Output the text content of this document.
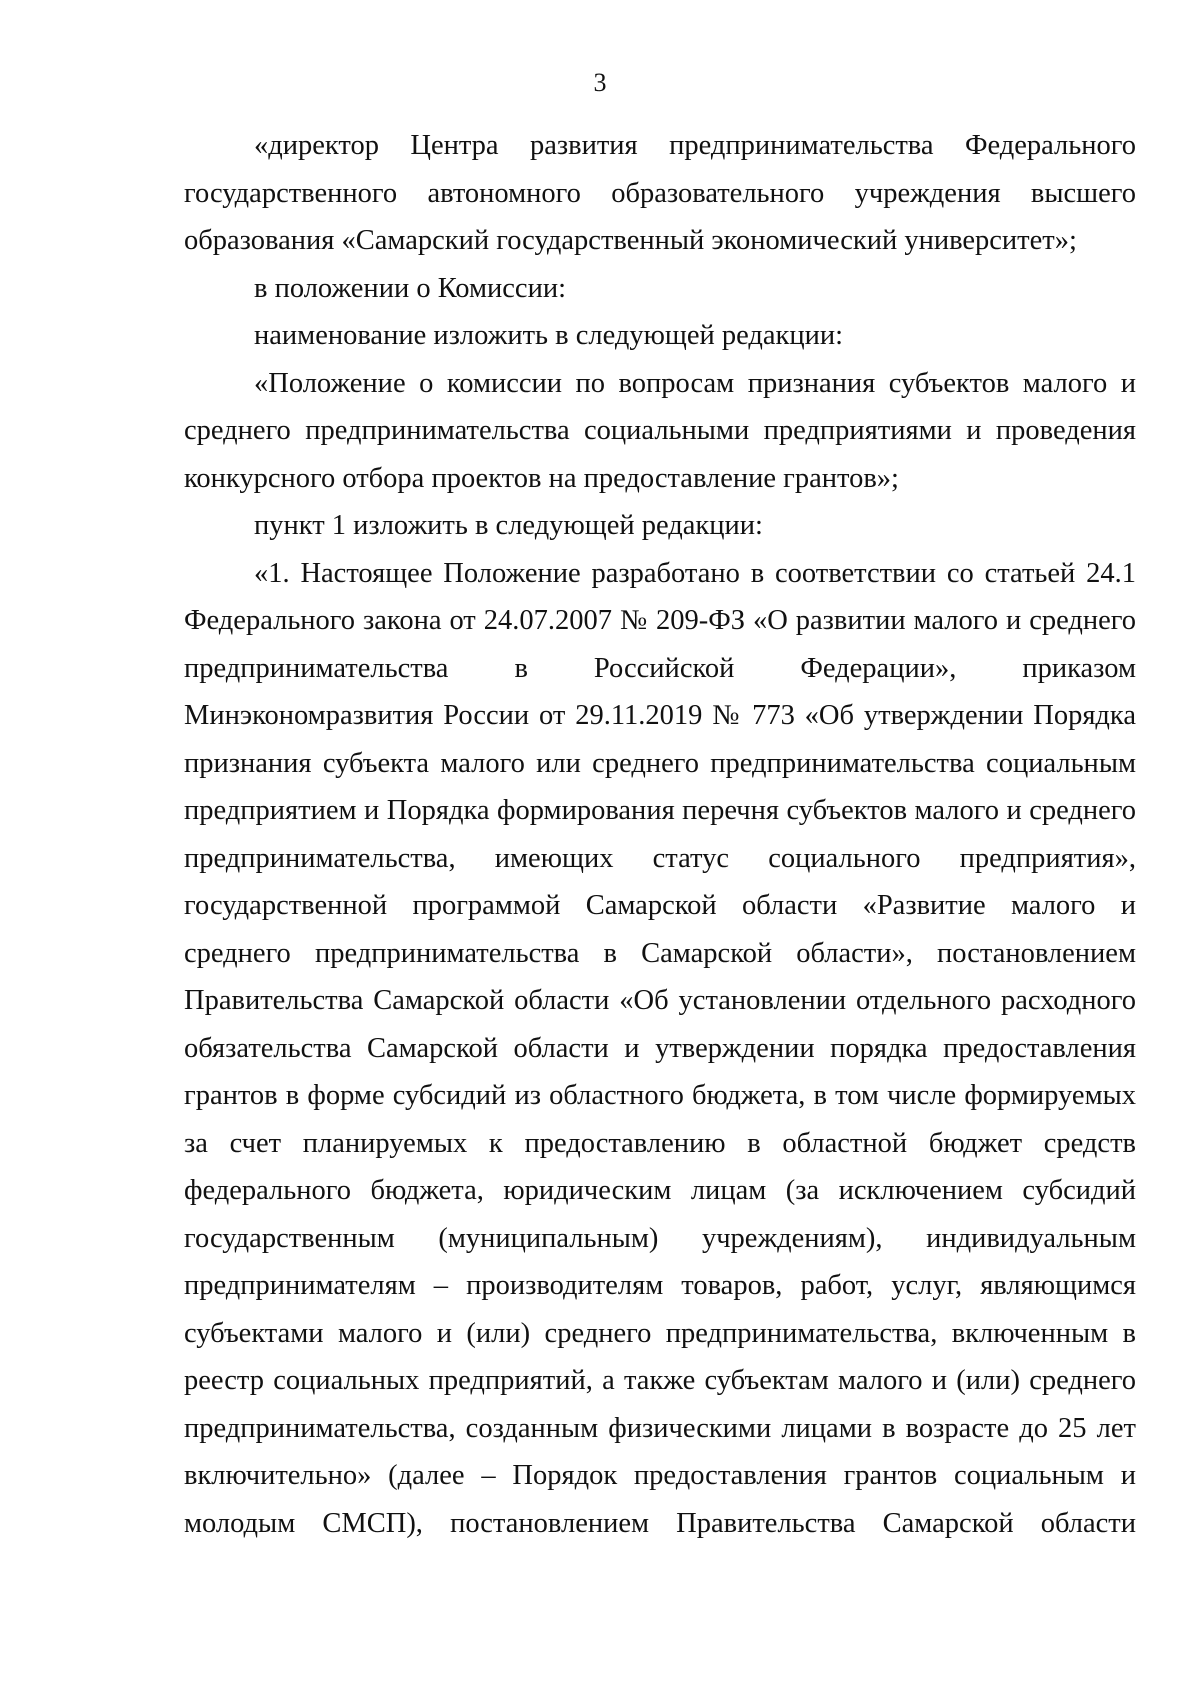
3

«директор Центра развития предпринимательства Федерального государственного автономного образовательного учреждения высшего образования «Самарский государственный экономический университет»;

в положении о Комиссии:

наименование изложить в следующей редакции:

«Положение о комиссии по вопросам признания субъектов малого и среднего предпринимательства социальными предприятиями и проведения конкурсного отбора проектов на предоставление грантов»;

пункт 1 изложить в следующей редакции:

«1. Настоящее Положение разработано в соответствии со статьей 24.1 Федерального закона от 24.07.2007 № 209-ФЗ «О развитии малого и среднего предпринимательства в Российской Федерации», приказом Минэкономразвития России от 29.11.2019 № 773 «Об утверждении Порядка признания субъекта малого или среднего предпринимательства социальным предприятием и Порядка формирования перечня субъектов малого и среднего предпринимательства, имеющих статус социального предприятия», государственной программой Самарской области «Развитие малого и среднего предпринимательства в Самарской области», постановлением Правительства Самарской области «Об установлении отдельного расходного обязательства Самарской области и утверждении порядка предоставления грантов в форме субсидий из областного бюджета, в том числе формируемых за счет планируемых к предоставлению в областной бюджет средств федерального бюджета, юридическим лицам (за исключением субсидий государственным (муниципальным) учреждениям), индивидуальным предпринимателям – производителям товаров, работ, услуг, являющимся субъектами малого и (или) среднего предпринимательства, включенным в реестр социальных предприятий, а также субъектам малого и (или) среднего предпринимательства, созданным физическими лицами в возрасте до 25 лет включительно» (далее – Порядок предоставления грантов социальным и молодым СМСП), постановлением Правительства Самарской области
